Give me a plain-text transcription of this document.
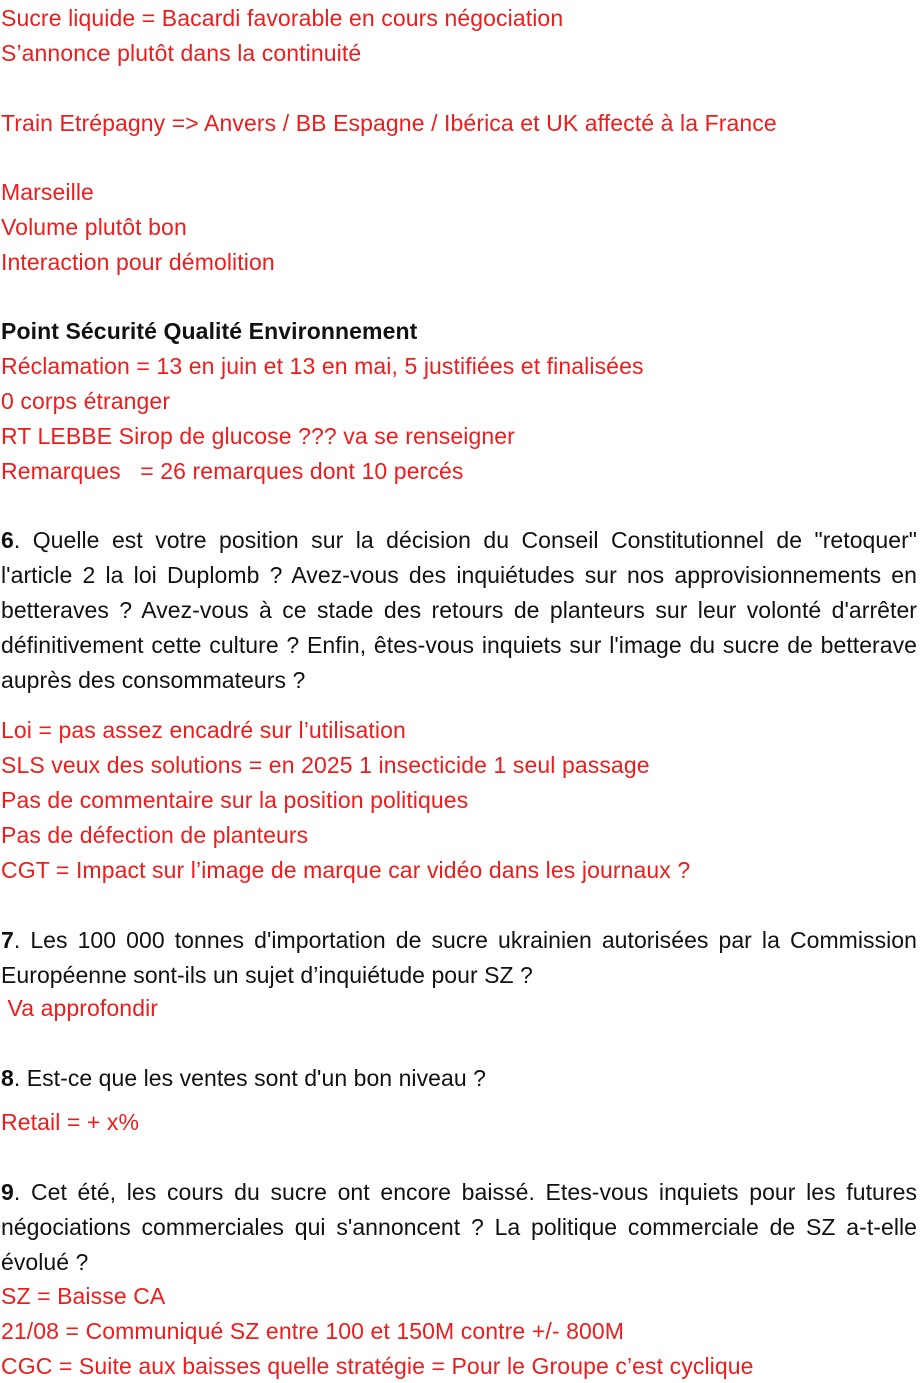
Sucre liquide = Bacardi favorable en cours négociation
S’annonce plutôt dans la continuité
Train Etrépagny => Anvers / BB Espagne / Ibérica et UK affecté à la France
Marseille
Volume plutôt bon
Interaction pour démolition
Point Sécurité Qualité Environnement
Réclamation = 13 en juin et 13 en mai, 5 justifiées et finalisées
0 corps étranger
RT LEBBE Sirop de glucose ??? va se renseigner
Remarques   = 26 remarques dont 10 percés
6. Quelle est votre position sur la décision du Conseil Constitutionnel de "retoquer" l'article 2 la loi Duplomb ? Avez-vous des inquiétudes sur nos approvisionnements en betteraves ? Avez-vous à ce stade des retours de planteurs sur leur volonté d'arrêter définitivement cette culture ? Enfin, êtes-vous inquiets sur l'image du sucre de betterave auprès des consommateurs ?
Loi = pas assez encadré sur l’utilisation
SLS veux des solutions = en 2025 1 insecticide 1 seul passage
Pas de commentaire sur la position politiques
Pas de défection de planteurs
CGT = Impact sur l’image de marque car vidéo dans les journaux ?
7. Les 100 000 tonnes d'importation de sucre ukrainien autorisées par la Commission Européenne sont-ils un sujet d’inquiétude pour SZ ?
Va approfondir
8. Est-ce que les ventes sont d'un bon niveau ?
Retail = + x%
9. Cet été, les cours du sucre ont encore baissé. Etes-vous inquiets pour les futures négociations commerciales qui s'annoncent ? La politique commerciale de SZ a-t-elle évolué ?
SZ = Baisse CA
21/08 = Communiqué SZ entre 100 et 150M contre +/- 800M
CGC = Suite aux baisses quelle stratégie = Pour le Groupe c’est cyclique
